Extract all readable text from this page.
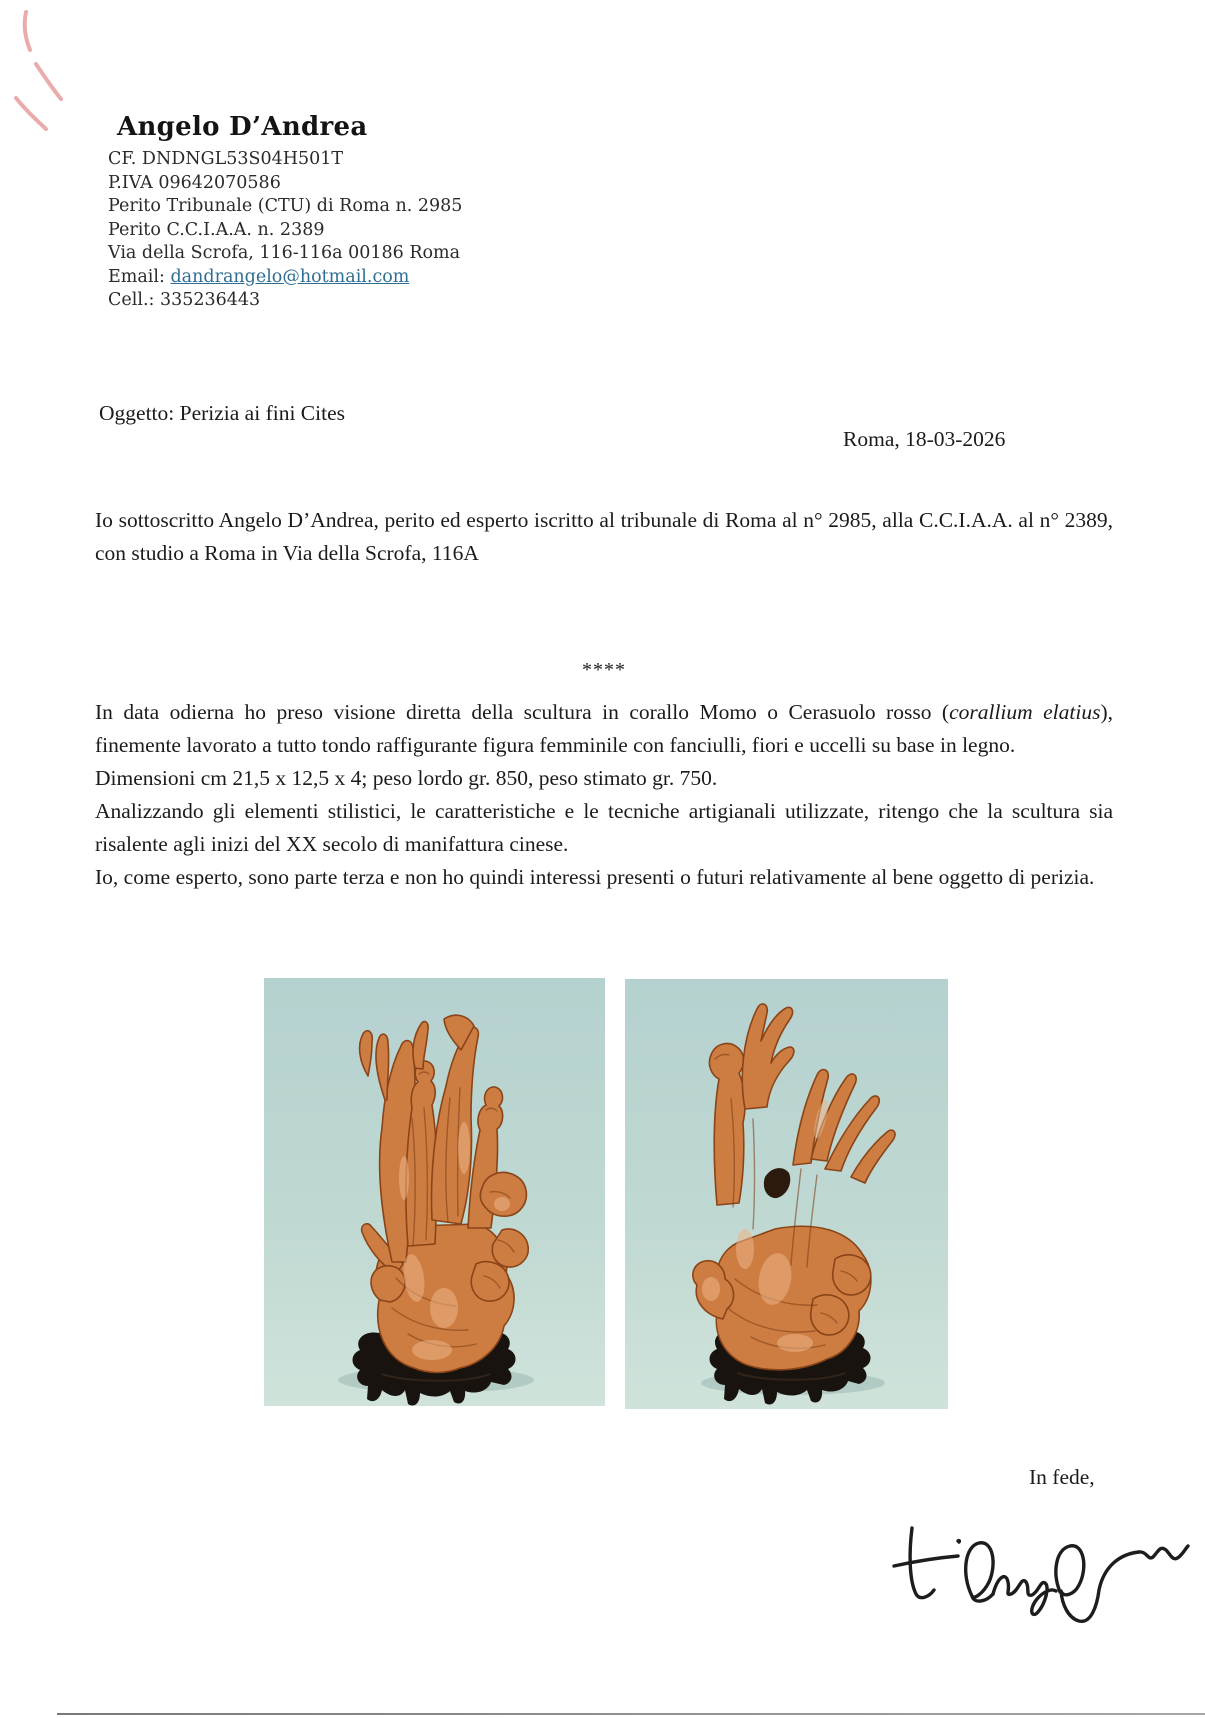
Angelo D’Andrea
CF. DNDNGL53S04H501T
P.IVA 09642070586
Perito Tribunale (CTU) di Roma n. 2985
Perito C.C.I.A.A. n. 2389
Via della Scrofa, 116-116a 00186 Roma
Email: dandrangelo@hotmail.com
Cell.: 335236443
Oggetto: Perizia ai fini Cites
Roma, 18-03-2026

Io sottoscritto Angelo D’Andrea, perito ed esperto iscritto al tribunale di Roma al n° 2985, alla C.C.I.A.A. al n° 2389, con studio a Roma in Via della Scrofa, 116A

****

In data odierna ho preso visione diretta della scultura in corallo Momo o Cerasuolo rosso (corallium elatius), finemente lavorato a tutto tondo raffigurante figura femminile con fanciulli, fiori e uccelli su base in legno.

Dimensioni cm 21,5 x 12,5 x 4; peso lordo gr. 850, peso stimato gr. 750.

Analizzando gli elementi stilistici, le caratteristiche e le tecniche artigianali utilizzate, ritengo che la scultura sia risalente agli inizi del XX secolo di manifattura cinese.

Io, come esperto, sono parte terza e non ho quindi interessi presenti o futuri relativamente al bene oggetto di perizia.

In fede,
